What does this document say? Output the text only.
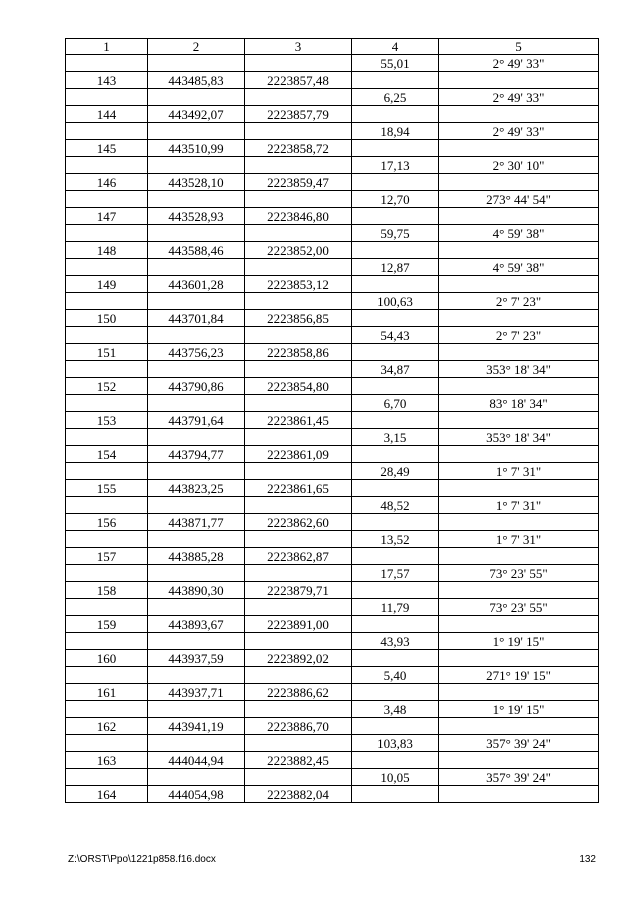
1	2	3	4	5
			55,01	2° 49' 33"
143	443485,83	2223857,48		
			6,25	2° 49' 33"
144	443492,07	2223857,79		
			18,94	2° 49' 33"
145	443510,99	2223858,72		
			17,13	2° 30' 10"
146	443528,10	2223859,47		
			12,70	273° 44' 54"
147	443528,93	2223846,80		
			59,75	4° 59' 38"
148	443588,46	2223852,00		
			12,87	4° 59' 38"
149	443601,28	2223853,12		
			100,63	2° 7' 23"
150	443701,84	2223856,85		
			54,43	2° 7' 23"
151	443756,23	2223858,86		
			34,87	353° 18' 34"
152	443790,86	2223854,80		
			6,70	83° 18' 34"
153	443791,64	2223861,45		
			3,15	353° 18' 34"
154	443794,77	2223861,09		
			28,49	1° 7' 31"
155	443823,25	2223861,65		
			48,52	1° 7' 31"
156	443871,77	2223862,60		
			13,52	1° 7' 31"
157	443885,28	2223862,87		
			17,57	73° 23' 55"
158	443890,30	2223879,71		
			11,79	73° 23' 55"
159	443893,67	2223891,00		
			43,93	1° 19' 15"
160	443937,59	2223892,02		
			5,40	271° 19' 15"
161	443937,71	2223886,62		
			3,48	1° 19' 15"
162	443941,19	2223886,70		
			103,83	357° 39' 24"
163	444044,94	2223882,45		
			10,05	357° 39' 24"
164	444054,98	2223882,04		
Z:\ORST\Ppo\1221p858.f16.docx	132
